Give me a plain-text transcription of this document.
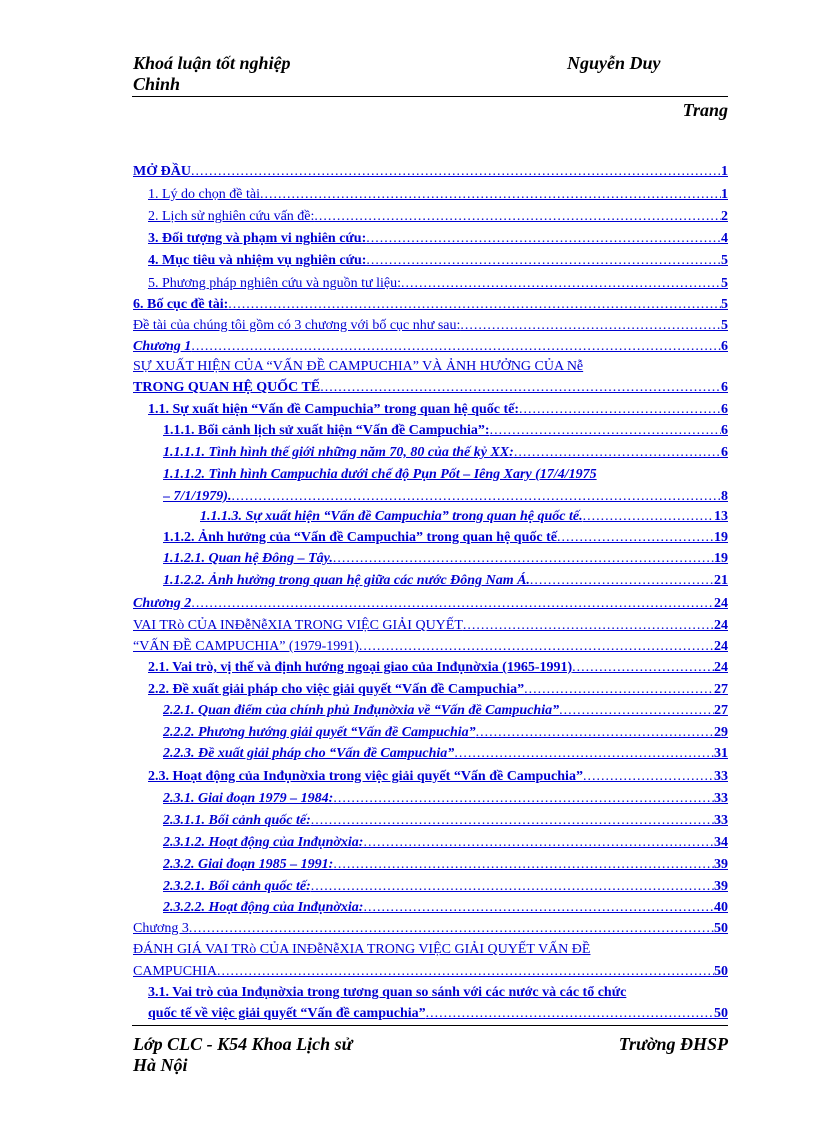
Khoá luận tốt nghiệp
Chinh
Nguyễn Duy
Trang
MỞ ĐẦU .....	1
1. Lý do chọn đề tài .....	1
2. Lịch sử nghiên cứu vấn đề: .....	2
3. Đối tượng và phạm vi nghiên cứu: .....	4
4. Mục tiêu và nhiệm vụ nghiên cứu: .....	5
5. Phương pháp nghiên cứu và nguồn tư liệu: .....	5
6. Bố cục đề tài: .....	5
Đề tài của chúng tôi gồm có 3 chương với bố cục như sau: .....	5
Chương 1 .....	6
SỰ XUẤT HIỆN CỦA “VẤN ĐỀ CAMPUCHIA” VÀ ẢNH HƯỞNG CỦA Nễ
TRONG QUAN HỆ QUỐC TẾ .....	6
1.1. Sự xuất hiện “Vấn đề Campuchia” trong quan hệ quốc tế: .....	6
1.1.1. Bối cảnh lịch sử xuất hiện “Vấn đề Campuchia”: .....	6
1.1.1.1. Tình hình thế giới những năm 70, 80 của thế kỷ XX: .....	6
1.1.1.2. Tình hình Campuchia dưới chế độ Pụn Pốt – Iêng Xary (17/4/1975
– 7/1/1979). .....	8
1.1.1.3. Sự xuất hiện “Vấn đề Campuchia” trong quan hệ quốc tế. .....	13
1.1.2. Ảnh hưởng của “Vấn đề Campuchia” trong quan hệ quốc tế .....	19
1.1.2.1. Quan hệ Đông – Tây. .....	19
1.1.2.2. Ảnh hưởng trong quan hệ giữa các nước Đông Nam Á. .....	21
Chương 2 .....	24
VAI TRò CỦA INĐễNễXIA TRONG VIỆC GIẢI QUYẾT .....	24
“VẤN ĐỀ CAMPUCHIA” (1979-1991) .....	24
2.1. Vai trò, vị thế và định hướng ngoại giao của Inđụnờxia (1965-1991) .....	24
2.2. Đề xuất giải pháp cho việc giải quyết “Vấn đề Campuchia” .....	27
2.2.1. Quan điểm của chính phủ Inđụnờxia về “Vấn đề Campuchia” .....	27
2.2.2. Phương hướng giải quyết “Vấn đề Campuchia” .....	29
2.2.3. Đề xuất giải pháp cho “Vấn đề Campuchia” .....	31
2.3. Hoạt động của Inđụnờxia trong việc giải quyết “Vấn đề Campuchia” .....	33
2.3.1. Giai đoạn 1979 – 1984: .....	33
2.3.1.1. Bối cảnh quốc tế: .....	33
2.3.1.2. Hoạt động của Inđụnờxia: .....	34
2.3.2. Giai đoạn 1985 – 1991: .....	39
2.3.2.1. Bối cảnh quốc tế: .....	39
2.3.2.2. Hoạt động của Inđụnờxia: .....	40
Chương 3 .....	50
ĐÁNH GIÁ VAI TRò CỦA INĐễNễXIA TRONG VIỆC GIẢI QUYẾT VẤN ĐỀ
CAMPUCHIA .....	50
3.1. Vai trò của Inđụnờxia trong tương quan so sánh với các nước và các tổ chức
quốc tế về việc giải quyết “Vấn đề campuchia” .....	50
Lớp CLC - K54 Khoa Lịch sử
Hà Nội
Trường ĐHSP
